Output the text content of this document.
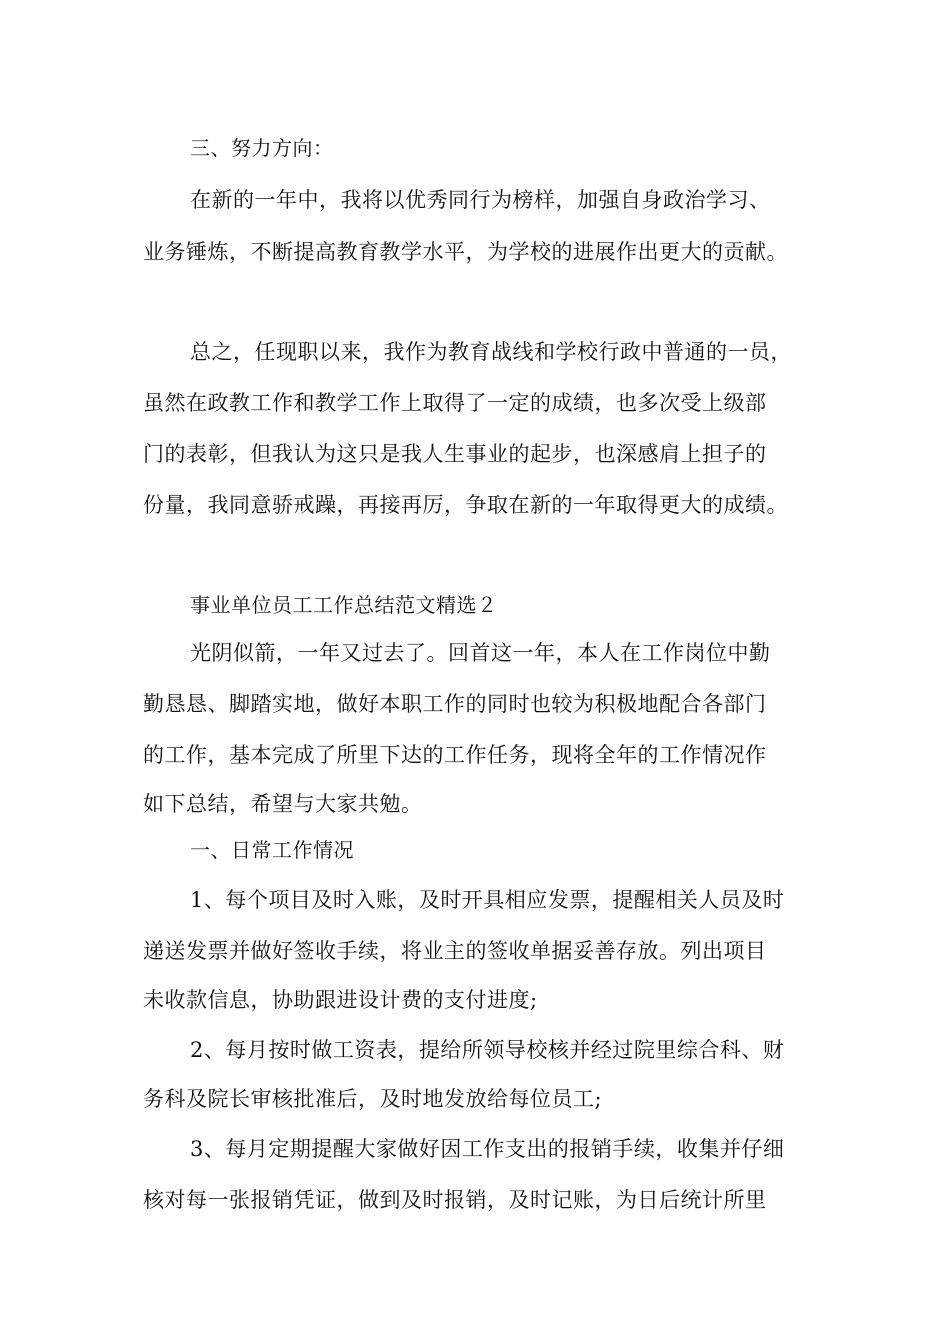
三、努力方向：
在新的一年中，我将以优秀同行为榜样，加强自身政治学习、
业务锤炼，不断提高教育教学水平，为学校的进展作出更大的贡献。
总之，任现职以来，我作为教育战线和学校行政中普通的一员，
虽然在政教工作和教学工作上取得了一定的成绩，也多次受上级部
门的表彰，但我认为这只是我人生事业的起步，也深感肩上担子的
份量，我同意骄戒躁，再接再厉，争取在新的一年取得更大的成绩。
事业单位员工工作总结范文精选２
光阴似箭，一年又过去了。回首这一年，本人在工作岗位中勤
勤恳恳、脚踏实地，做好本职工作的同时也较为积极地配合各部门
的工作，基本完成了所里下达的工作任务，现将全年的工作情况作
如下总结，希望与大家共勉。
一、日常工作情况
1、每个项目及时入账，及时开具相应发票，提醒相关人员及时
递送发票并做好签收手续，将业主的签收单据妥善存放。列出项目
未收款信息，协助跟进设计费的支付进度;
2、每月按时做工资表，提给所领导校核并经过院里综合科、财
务科及院长审核批准后，及时地发放给每位员工;
3、每月定期提醒大家做好因工作支出的报销手续，收集并仔细
核对每一张报销凭证，做到及时报销，及时记账，为日后统计所里
